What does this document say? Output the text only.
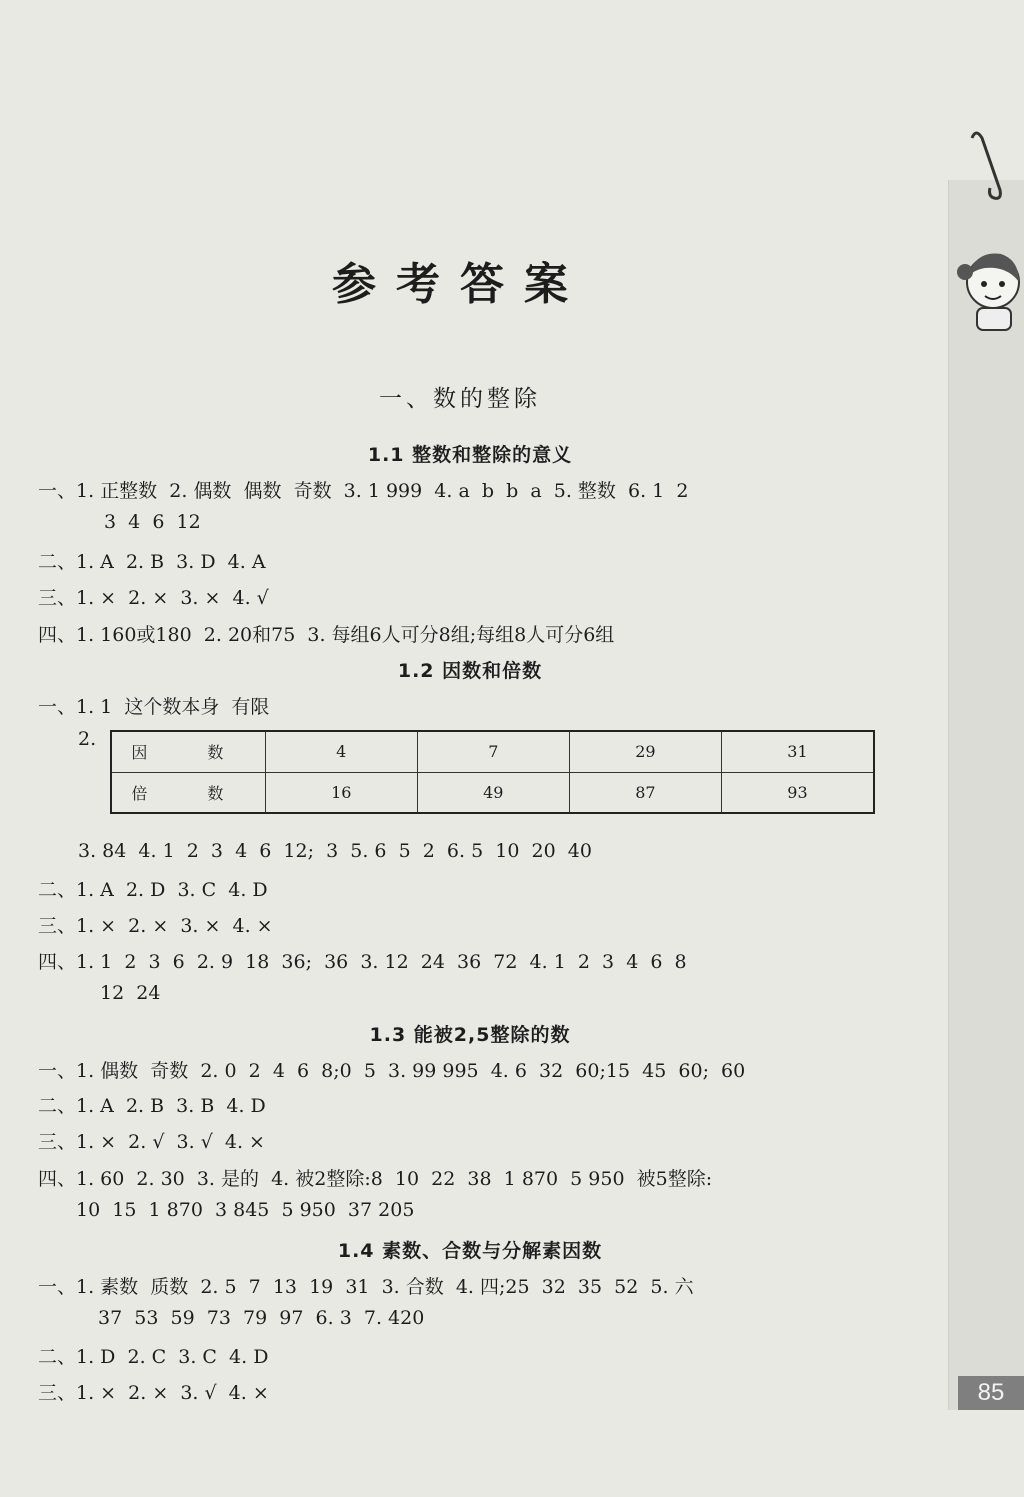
85
参考答案
一、数的整除
1.1 整数和整除的意义
一、1. 正整数  2. 偶数  偶数  奇数  3. 1 999  4. a  b  b  a  5. 整数  6. 1  2
3  4  6  12
二、1. A  2. B  3. D  4. A
三、1. ×  2. ×  3. ×  4. √
四、1. 160或180  2. 20和75  3. 每组6人可分8组;每组8人可分6组
1.2 因数和倍数
一、1. 1  这个数本身  有限
2.
因　数	4	7	29	31
倍　数	16	49	87	93
3. 84  4. 1  2  3  4  6  12;  3  5. 6  5  2  6. 5  10  20  40
二、1. A  2. D  3. C  4. D
三、1. ×  2. ×  3. ×  4. ×
四、1. 1  2  3  6  2. 9  18  36;  36  3. 12  24  36  72  4. 1  2  3  4  6  8
12  24
1.3 能被2,5整除的数
一、1. 偶数  奇数  2. 0  2  4  6  8;0  5  3. 99 995  4. 6  32  60;15  45  60;  60
二、1. A  2. B  3. B  4. D
三、1. ×  2. √  3. √  4. ×
四、1. 60  2. 30  3. 是的  4. 被2整除:8  10  22  38  1 870  5 950  被5整除:
10  15  1 870  3 845  5 950  37 205
1.4 素数、合数与分解素因数
一、1. 素数  质数  2. 5  7  13  19  31  3. 合数  4. 四;25  32  35  52  5. 六
37  53  59  73  79  97  6. 3  7. 420
二、1. D  2. C  3. C  4. D
三、1. ×  2. ×  3. √  4. ×
